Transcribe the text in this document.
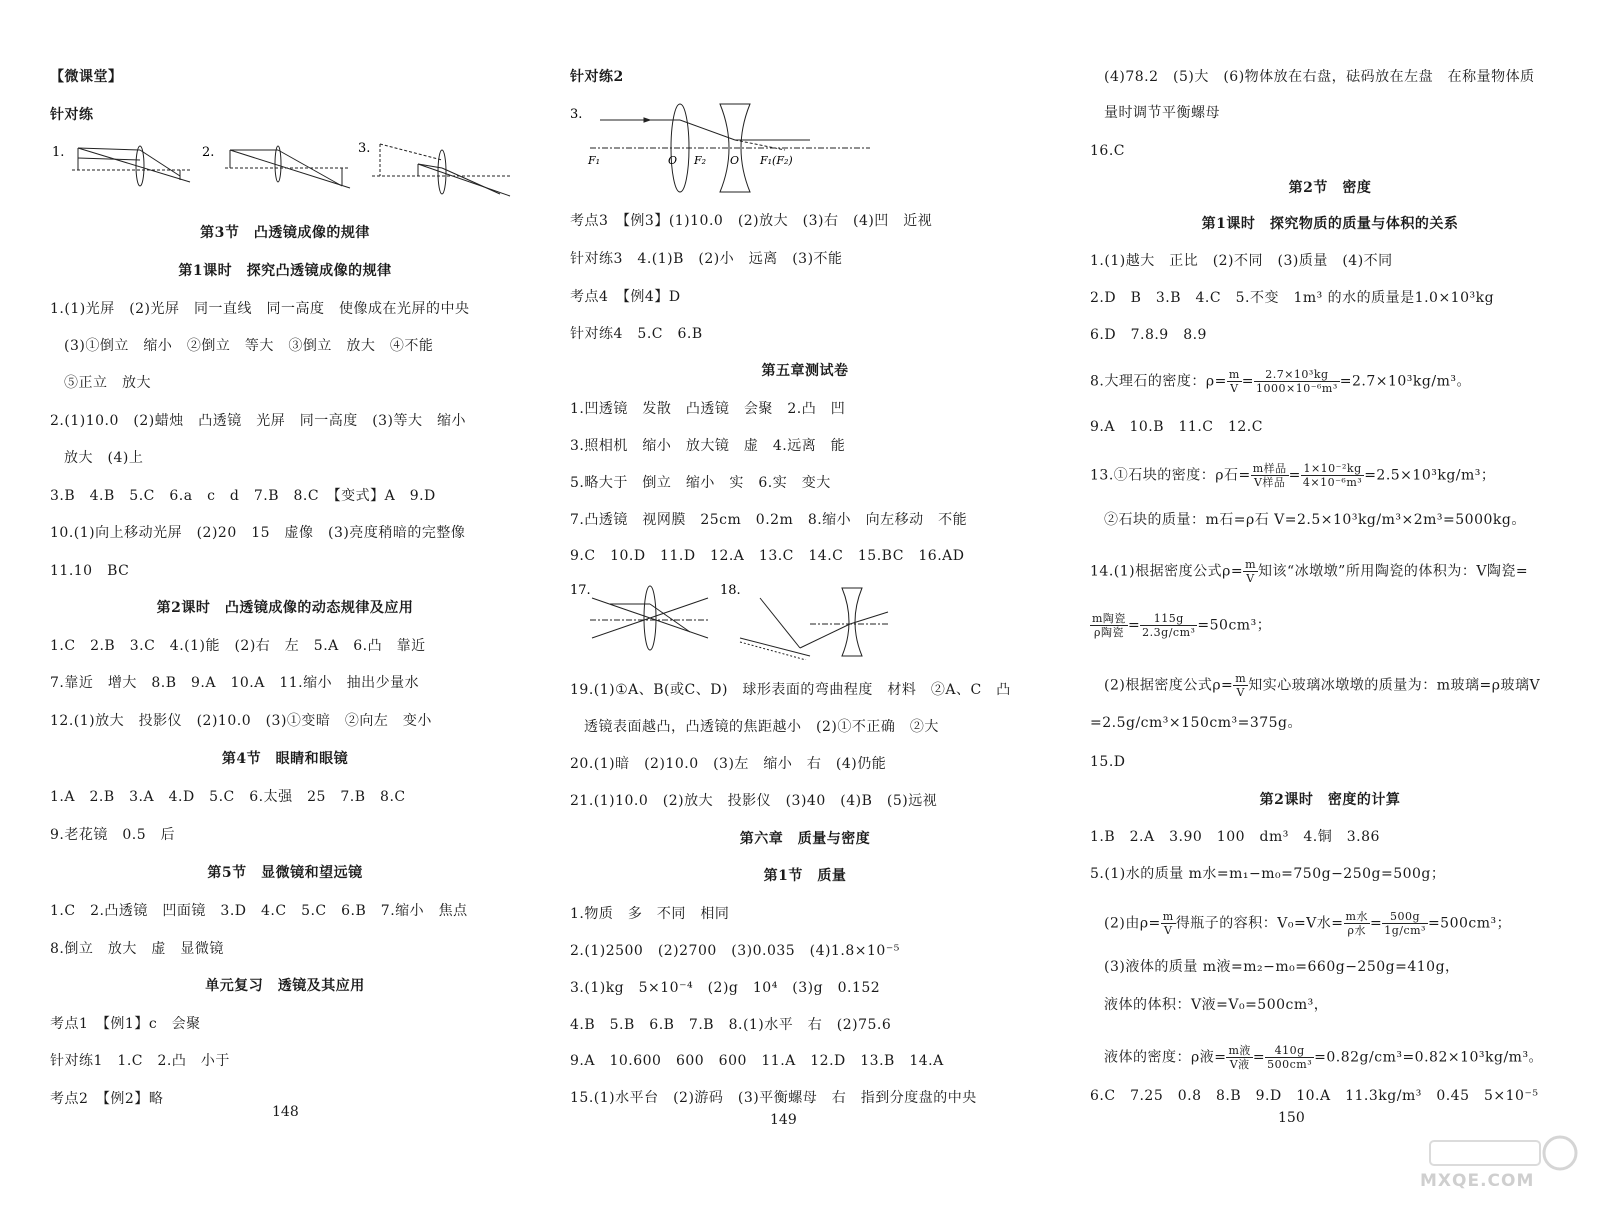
【微课堂】
针对练
1.	2.	3.
第3节　凸透镜成像的规律
第1课时　探究凸透镜成像的规律
1.(1)光屏　(2)光屏　同一直线　同一高度　使像成在光屏的中央
(3)①倒立　缩小　②倒立　等大　③倒立　放大　④不能
⑤正立　放大
2.(1)10.0　(2)蜡烛　凸透镜　光屏　同一高度　(3)等大　缩小
放大　(4)上
3.B　4.B　5.C　6.a　c　d　7.B　8.C　【变式】A　9.D
10.(1)向上移动光屏　(2)20　15　虚像　(3)亮度稍暗的完整像
11.10　BC
第2课时　凸透镜成像的动态规律及应用
1.C　2.B　3.C　4.(1)能　(2)右　左　5.A　6.凸　靠近
7.靠近　增大　8.B　9.A　10.A　11.缩小　抽出少量水
12.(1)放大　投影仪　(2)10.0　(3)①变暗　②向左　变小
第4节　眼睛和眼镜
1.A　2.B　3.A　4.D　5.C　6.太强　25　7.B　8.C
9.老花镜　0.5　后
第5节　显微镜和望远镜
1.C　2.凸透镜　凹面镜　3.D　4.C　5.C　6.B　7.缩小　焦点
8.倒立　放大　虚　显微镜
单元复习　透镜及其应用
考点1　【例1】c　会聚
针对练1　1.C　2.凸　小于
考点2　【例2】略
148
针对练2
3.
F₁	O F₂ O F₁(F₂)
考点3　【例3】(1)10.0　(2)放大　(3)右　(4)凹　近视
针对练3　4.(1)B　(2)小　远离　(3)不能
考点4　【例4】D
针对练4　5.C　6.B
第五章测试卷
1.凹透镜　发散　凸透镜　会聚　2.凸　凹
3.照相机　缩小　放大镜　虚　4.远离　能
5.略大于　倒立　缩小　实　6.实　变大
7.凸透镜　视网膜　25cm　0.2m　8.缩小　向左移动　不能
9.C　10.D　11.D　12.A　13.C　14.C　15.BC　16.AD
17.	18.
19.(1)①A、B(或C、D)　球形表面的弯曲程度　材料　②A、C　凸
透镜表面越凸，凸透镜的焦距越小　(2)①不正确　②大
20.(1)暗　(2)10.0　(3)左　缩小　右　(4)仍能
21.(1)10.0　(2)放大　投影仪　(3)40　(4)B　(5)远视
第六章　质量与密度
第1节　质量
1.物质　多　不同　相同
2.(1)2500　(2)2700　(3)0.035　(4)1.8×10⁻⁵
3.(1)kg　5×10⁻⁴　(2)g　10⁴　(3)g　0.152
4.B　5.B　6.B　7.B　8.(1)水平　右　(2)75.6
9.A　10.600　600　600　11.A　12.D　13.B　14.A
15.(1)水平台　(2)游码　(3)平衡螺母　右　指到分度盘的中央
149
(4)78.2　(5)大　(6)物体放在右盘，砝码放在左盘　在称量物体质
量时调节平衡螺母
16.C
第2节　密度
第1课时　探究物质的质量与体积的关系
1.(1)越大　正比　(2)不同　(3)质量　(4)不同
2.D　B　3.B　4.C　5.不变　1m³ 的水的质量是1.0×10³kg
6.D　7.8.9　8.9
8.大理石的密度：$\rho= \frac{m}{V} = \frac{\text{2.7×10³kg}}{\text{1000×10⁻⁶m³}} =2.7\times 10^3kg/m^3$。
9.A　10.B　11.C　12.C
13.①石块的密度：ρ石= $\frac{\text{m样品}}{\text{V样品}} = \frac{\text{1×10⁻²kg}}{\text{4×10⁻⁶m³}} =2.5\times 10^3kg/m^3$；
②石块的质量：m石=ρ石 V=2.5×10³kg/m³×2m³=5000kg。
14.(1)根据密度公式$\rho= \frac{m}{V}$ 知该“冰墩墩”所用陶瓷的体积为：V陶瓷=
$\frac{\text{m陶瓷}}{\text{ρ陶瓷}} = \frac{115g}{\text{2.3g/cm³}} =50cm^3$；
(2)根据密度公式$\rho= \frac{m}{V}$ 知实心玻璃冰墩墩的质量为：m玻璃=ρ玻璃V
=2.5g/cm³×150cm³=375g。
15.D
第2课时　密度的计算
1.B　2.A　3.90　100　dm³　4.铜　3.86
5.(1)水的质量 m水=m₁−m₀=750g−250g=500g；
(2)由$\rho= \frac{m}{V}$ 得瓶子的容积：V₀=V水= $\frac{\text{m水}}{\text{ρ水}} = \frac{500g}{\text{1g/cm³}} =500cm^3$；
(3)液体的质量 m液=m₂−m₀=660g−250g=410g，
液体的体积：V液=V₀=500cm³，
液体的密度：ρ液= $\frac{\text{m液}}{\text{V液}} = \frac{410g}{\text{500cm³}} =0.82g/cm^3=0.82\times 10^3kg/m^3$。
6.C　7.25　0.8　8.B　9.D　10.A　11.3kg/m³　0.45　5×10⁻⁵
150
MXQE.COM
